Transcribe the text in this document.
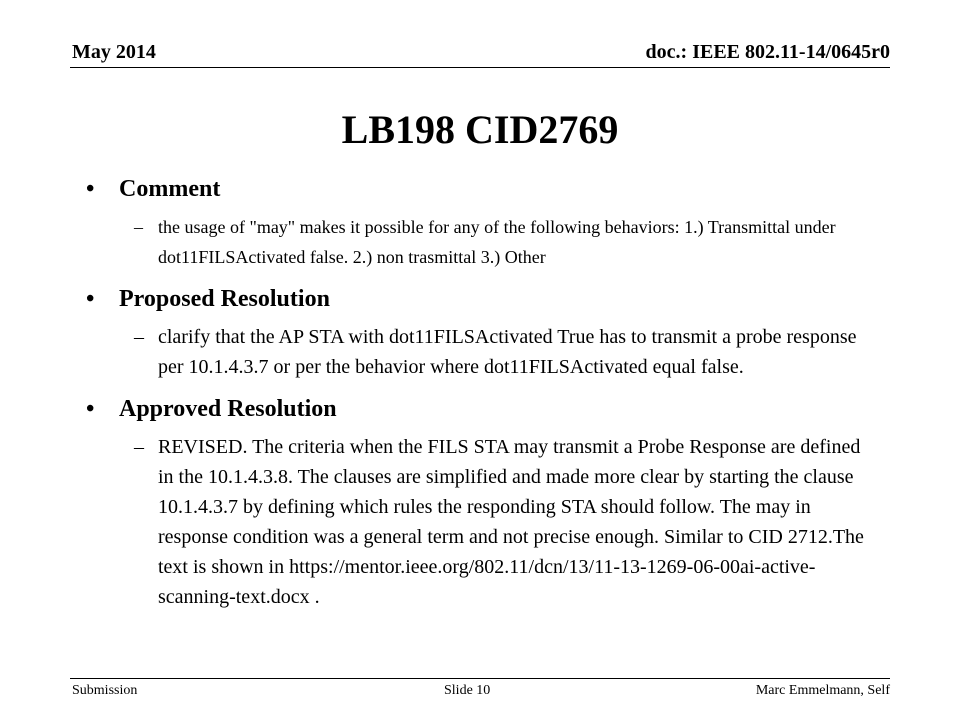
May 2014	doc.: IEEE 802.11-14/0645r0
LB198 CID2769
• Comment
– the usage of "may" makes it possible for any of the following behaviors: 1.) Transmittal under dot11FILSActivated false. 2.) non trasmittal 3.) Other
• Proposed Resolution
– clarify that the AP STA with dot11FILSActivated True has to transmit a probe response per 10.1.4.3.7 or per the behavior where dot11FILSActivated equal false.
• Approved Resolution
– REVISED. The criteria when the FILS STA may transmit a Probe Response are defined in the 10.1.4.3.8. The clauses are simplified and made more clear by starting the clause 10.1.4.3.7 by defining which rules the responding STA should follow. The may in response condition was a general term and not precise enough. Similar to CID 2712.The text is shown in https://mentor.ieee.org/802.11/dcn/13/11-13-1269-06-00ai-active-scanning-text.docx .
Submission	Slide 10	Marc Emmelmann, Self
